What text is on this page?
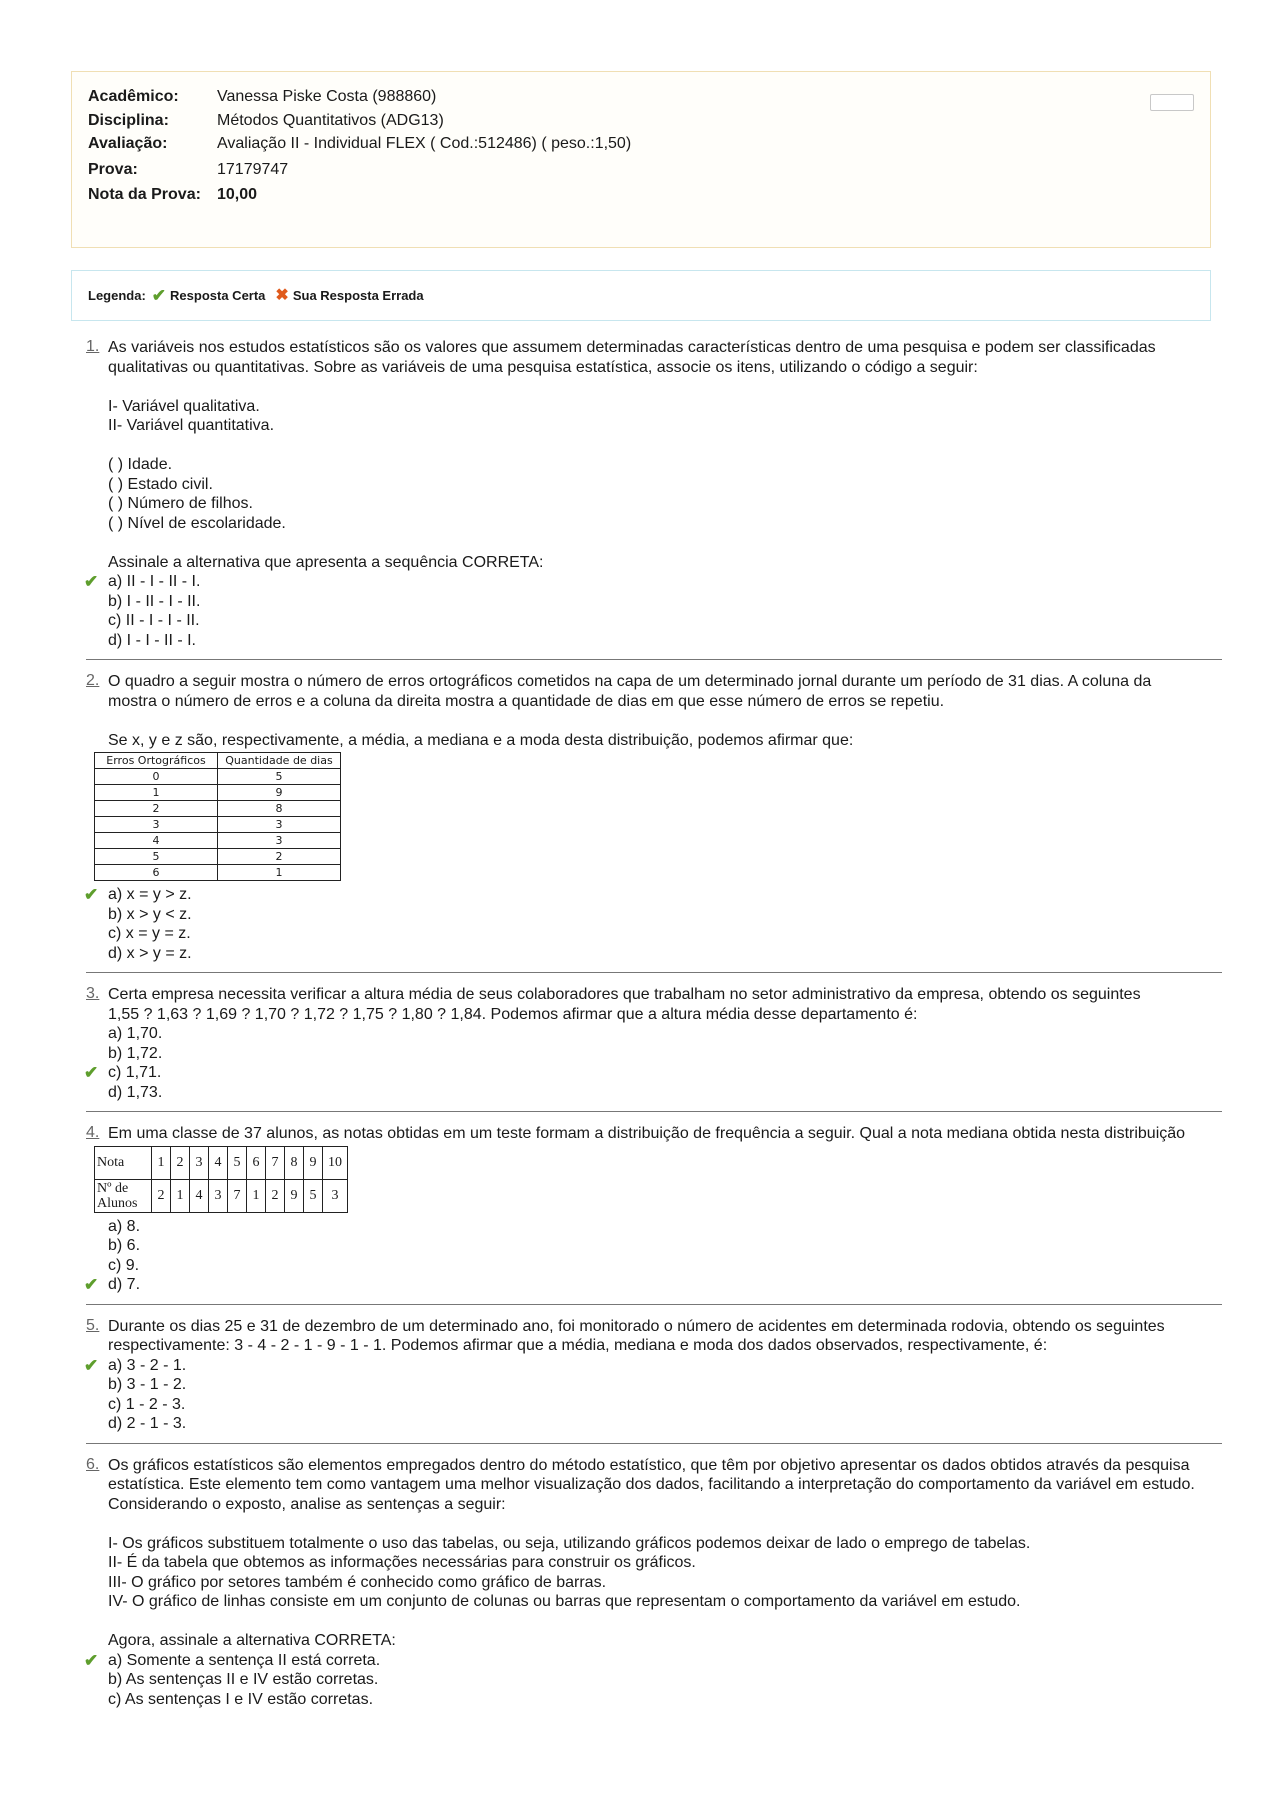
Acadêmico: Vanessa Piske Costa (988860)
Disciplina:	Métodos Quantitativos (ADG13)
Avaliação:	Avaliação II - Individual FLEX ( Cod.:512486) ( peso.:1,50)
Prova:	17179747
Nota da Prova: 10,00
Legenda: ✔ Resposta Certa ✖ Sua Resposta Errada
1. As variáveis nos estudos estatísticos são os valores que assumem determinadas características dentro de uma pesquisa e podem ser classificadas
qualitativas ou quantitativas. Sobre as variáveis de uma pesquisa estatística, associe os itens, utilizando o código a seguir:
I- Variável qualitativa.
II- Variável quantitativa.
( ) Idade.
( ) Estado civil.
( ) Número de filhos.
( ) Nível de escolaridade.
Assinale a alternativa que apresenta a sequência CORRETA:
✔ a) II - I - II - I.
b) I - II - I - II.
c) II - I - I - II.
d) I - I - II - I.
2. O quadro a seguir mostra o número de erros ortográficos cometidos na capa de um determinado jornal durante um período de 31 dias. A coluna da
mostra o número de erros e a coluna da direita mostra a quantidade de dias em que esse número de erros se repetiu.
Se x, y e z são, respectivamente, a média, a mediana e a moda desta distribuição, podemos afirmar que:
Erros Ortográficos	Quantidade de dias
0	5
1	9
2	8
3	3
4	3
5	2
6	1
✔ a) x = y > z.
b) x > y < z.
c) x = y = z.
d) x > y = z.
3. Certa empresa necessita verificar a altura média de seus colaboradores que trabalham no setor administrativo da empresa, obtendo os seguintes
1,55 ? 1,63 ? 1,69 ? 1,70 ? 1,72 ? 1,75 ? 1,80 ? 1,84. Podemos afirmar que a altura média desse departamento é:
a) 1,70.
b) 1,72.
✔ c) 1,71.
d) 1,73.
4. Em uma classe de 37 alunos, as notas obtidas em um teste formam a distribuição de frequência a seguir. Qual a nota mediana obtida nesta distribuição
Nota	1	2	3	4	5	6	7	8	9	10
Nº de Alunos	2	1	4	3	7	1	2	9	5	3
a) 8.
b) 6.
c) 9.
✔ d) 7.
5. Durante os dias 25 e 31 de dezembro de um determinado ano, foi monitorado o número de acidentes em determinada rodovia, obtendo os seguintes
respectivamente: 3 - 4 - 2 - 1 - 9 - 1 - 1. Podemos afirmar que a média, mediana e moda dos dados observados, respectivamente, é:
✔ a) 3 - 2 - 1.
b) 3 - 1 - 2.
c) 1 - 2 - 3.
d) 2 - 1 - 3.
6. Os gráficos estatísticos são elementos empregados dentro do método estatístico, que têm por objetivo apresentar os dados obtidos através da pesquisa
estatística. Este elemento tem como vantagem uma melhor visualização dos dados, facilitando a interpretação do comportamento da variável em estudo.
Considerando o exposto, analise as sentenças a seguir:
I- Os gráficos substituem totalmente o uso das tabelas, ou seja, utilizando gráficos podemos deixar de lado o emprego de tabelas.
II- É da tabela que obtemos as informações necessárias para construir os gráficos.
III- O gráfico por setores também é conhecido como gráfico de barras.
IV- O gráfico de linhas consiste em um conjunto de colunas ou barras que representam o comportamento da variável em estudo.
Agora, assinale a alternativa CORRETA:
✔ a) Somente a sentença II está correta.
b) As sentenças II e IV estão corretas.
c) As sentenças I e IV estão corretas.
